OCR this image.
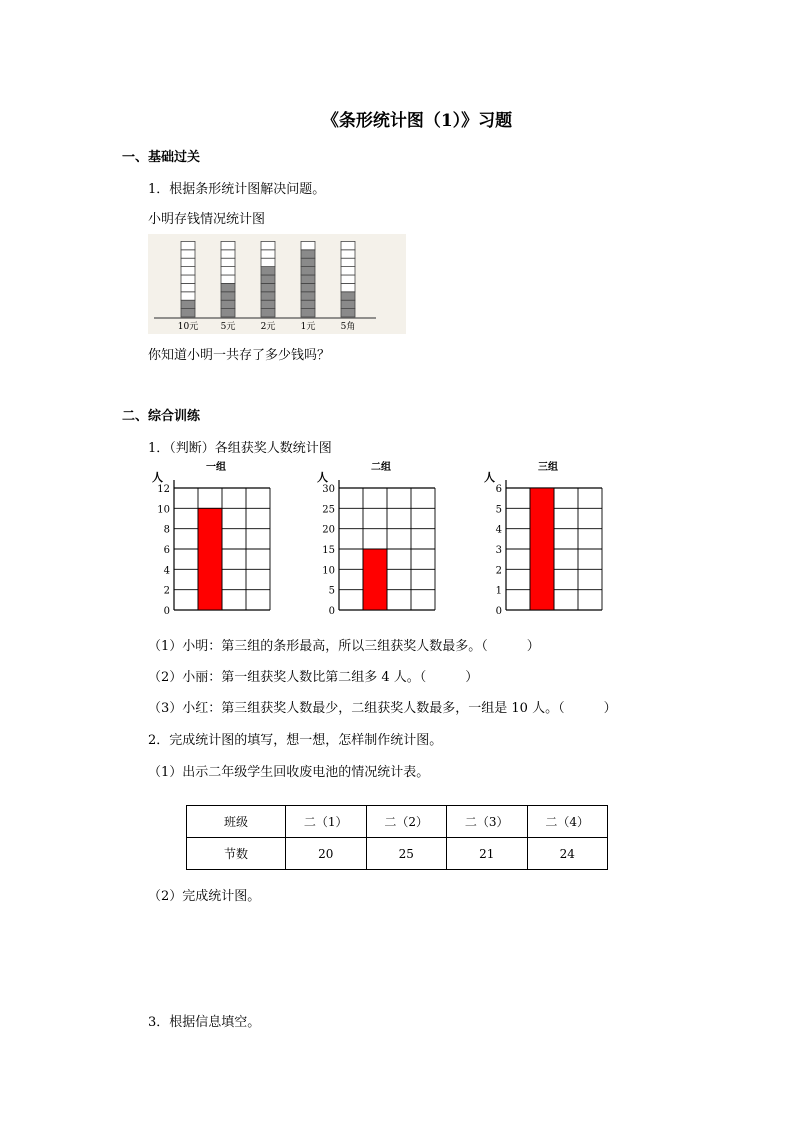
《条形统计图（1）》习题
一、基础过关
1．根据条形统计图解决问题。
小明存钱情况统计图
10元 5元	2元	1元	5角
你知道小明一共存了多少钱吗？
二、综合训练
1．（判断）各组获奖人数统计图
一组
人
0
2
4
6
8
10
12
二组
人
0
5
10
15
20
25
30
三组
人
0
1
2
3
4
5
6
（1）小明：第三组的条形最高，所以三组获奖人数最多。（　　　）
（2）小丽：第一组获奖人数比第二组多 4 人。（　　　）
（3）小红：第三组获奖人数最少，二组获奖人数最多，一组是 10 人。（　　　）
2．完成统计图的填写，想一想，怎样制作统计图。
（1）出示二年级学生回收废电池的情况统计表。
班级	二（1）	二（2）	二（3）	二（4）
节数	20	25	21	24
（2）完成统计图。
3．根据信息填空。
